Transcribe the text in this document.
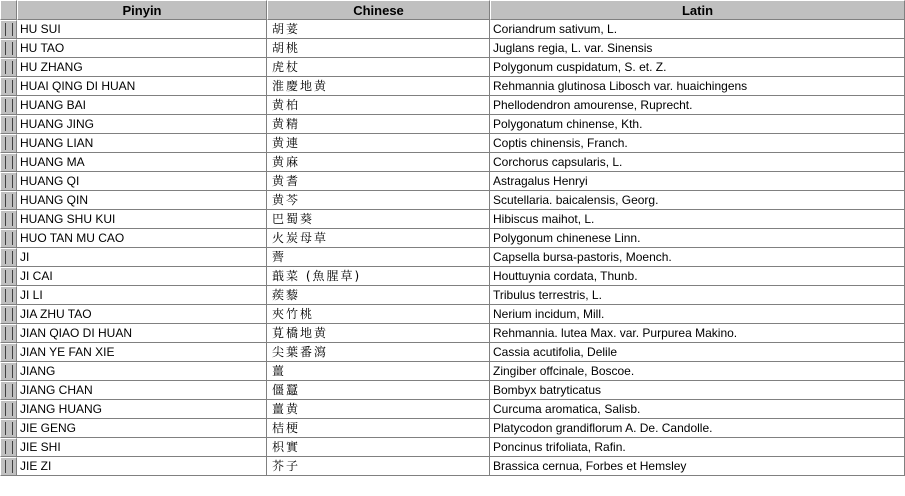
Pinyin	Chinese	Latin
HU SUI	胡荽	Coriandrum sativum, L.
HU TAO	胡桃	Juglans regia, L. var. Sinensis
HU ZHANG	虎杖	Polygonum cuspidatum, S. et. Z.
HUAI QING DI HUAN	淮慶地黄	Rehmannia glutinosa Libosch var. huaichingens
HUANG BAI	黄柏	Phellodendron amourense, Ruprecht.
HUANG JING	黄精	Polygonatum chinense, Kth.
HUANG LIAN	黄連	Coptis chinensis, Franch.
HUANG MA	黄麻	Corchorus capsularis, L.
HUANG QI	黄耆	Astragalus Henryi
HUANG QIN	黄芩	Scutellaria. baicalensis, Georg.
HUANG SHU KUI	巴蜀葵	Hibiscus maihot, L.
HUO TAN MU CAO	火炭母草	Polygonum chinenese Linn.
JI	薺	Capsella bursa-pastoris, Moench.
JI CAI	蕺菜 (魚腥草)	Houttuynia cordata, Thunb.
JI LI	蒺藜	Tribulus terrestris, L.
JIA ZHU TAO	夾竹桃	Nerium incidum, Mill.
JIAN QIAO DI HUAN	莧橋地黄	Rehmannia. lutea Max. var. Purpurea Makino.
JIAN YE FAN XIE	尖葉番瀉	Cassia acutifolia, Delile
JIANG	薑	Zingiber offcinale, Boscoe.
JIANG CHAN	僵蠶	Bombyx batryticatus
JIANG HUANG	薑黄	Curcuma aromatica, Salisb.
JIE GENG	桔梗	Platycodon grandiflorum A. De. Candolle.
JIE SHI	枳實	Poncinus trifoliata, Rafin.
JIE ZI	芥子	Brassica cernua, Forbes et Hemsley
